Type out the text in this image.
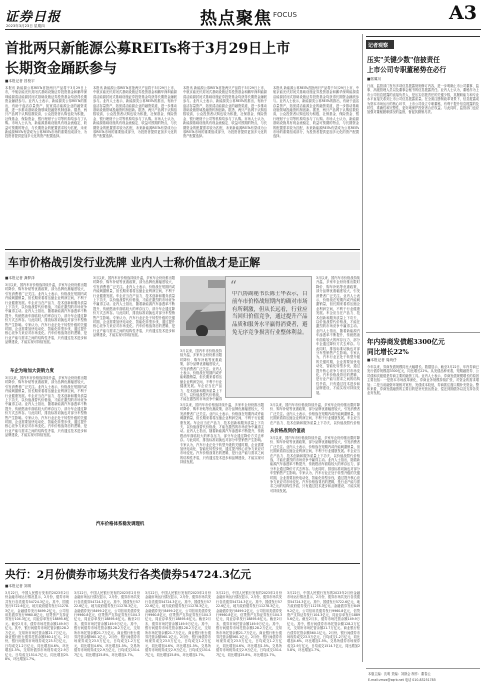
证券日报
2023年3月23日 星期四	热点聚焦 FOCUS	A3
首批两只新能源公募REITs将于3月29日上市
长期资金踊跃参与
■本报记者 昌校宇
本报讯 新能源公募REITs首批两只产品将于3月29日上市，中航京能光伏封闭式基础设施证券投资基金和鹏华深圳能源清洁能源封闭式基础设施证券投资基金均获得长期资金踊跃参与。业内人士表示，新能源类公募REITs的推出，有助于盘活存量资产，拓宽清洁能源企业的融资渠道，进一步推动基础设施领域投融资机制创新。据悉，两只产品网下认购倍数较高，公众投资者认购也较为积极，社保基金、保险资金、银行理财子公司等机构均参与了认购。市场人士认为，新能源基础设施具有现金流稳定、收益可预期的特点，与长期资金的配置需求较为匹配，未来新能源REITs有望成为公募REITs市场的重要组成部分，为投资者提供更加多元化的资产配置选择。
本报讯 新能源公募REITs首批两只产品将于3月29日上市，中航京能光伏封闭式基础设施证券投资基金和鹏华深圳能源清洁能源封闭式基础设施证券投资基金均获得长期资金踊跃参与。业内人士表示，新能源类公募REITs的推出，有助于盘活存量资产，拓宽清洁能源企业的融资渠道，进一步推动基础设施领域投融资机制创新。据悉，两只产品网下认购倍数较高，公众投资者认购也较为积极，社保基金、保险资金、银行理财子公司等机构均参与了认购。市场人士认为，新能源基础设施具有现金流稳定、收益可预期的特点，与长期资金的配置需求较为匹配，未来新能源REITs有望成为公募REITs市场的重要组成部分，为投资者提供更加多元化的资产配置选择。
本报讯 新能源公募REITs首批两只产品将于3月29日上市，中航京能光伏封闭式基础设施证券投资基金和鹏华深圳能源清洁能源封闭式基础设施证券投资基金均获得长期资金踊跃参与。业内人士表示，新能源类公募REITs的推出，有助于盘活存量资产，拓宽清洁能源企业的融资渠道，进一步推动基础设施领域投融资机制创新。据悉，两只产品网下认购倍数较高，公众投资者认购也较为积极，社保基金、保险资金、银行理财子公司等机构均参与了认购。市场人士认为，新能源基础设施具有现金流稳定、收益可预期的特点，与长期资金的配置需求较为匹配，未来新能源REITs有望成为公募REITs市场的重要组成部分，为投资者提供更加多元化的资产配置选择。
本报讯 新能源公募REITs首批两只产品将于3月29日上市，中航京能光伏封闭式基础设施证券投资基金和鹏华深圳能源清洁能源封闭式基础设施证券投资基金均获得长期资金踊跃参与。业内人士表示，新能源类公募REITs的推出，有助于盘活存量资产，拓宽清洁能源企业的融资渠道，进一步推动基础设施领域投融资机制创新。据悉，两只产品网下认购倍数较高，公众投资者认购也较为积极，社保基金、保险资金、银行理财子公司等机构均参与了认购。市场人士认为，新能源基础设施具有现金流稳定、收益可预期的特点，与长期资金的配置需求较为匹配，未来新能源REITs有望成为公募REITs市场的重要组成部分，为投资者提供更加多元化的资产配置选择。
车市价格战引发行业洗牌 业内人士称价值战才是正解
■本报记者 龚梦泽
3月以来，国内车市价格战持续升温，多家车企纷纷推出限时降价、购车补贴等优惠政策，部分品牌优惠幅度较大，引发消费者广泛关注。业内人士表示，价格战在短期内或许能刺激销量，但长期来看将压缩企业利润空间，不利于行业健康发展。车企应当在产品力、技术创新和服务质量上下功夫，以价值战替代价格战，才能在激烈的市场竞争中赢得主动。业内人士指出，随着新能源汽车渗透率不断提升，传统燃油车面临较大的库存压力，部分车企通过降价方式去库存。与此同时，排放标准切换也对部分车型销售产生影响。专家认为，汽车行业正处于转型升级的关键时期，企业需要加快电动化、智能化转型步伐，通过提升核心竞争力来应对市场变化。汽车价格战背后的逻辑，是行业产能与需求之间的结构性矛盾，只有通过技术进步和品牌建设，才能实现可持续发展。
车企为啥加大促销力度
3月以来，国内车市价格战持续升温，多家车企纷纷推出限时降价、购车补贴等优惠政策，部分品牌优惠幅度较大，引发消费者广泛关注。业内人士表示，价格战在短期内或许能刺激销量，但长期来看将压缩企业利润空间，不利于行业健康发展。车企应当在产品力、技术创新和服务质量上下功夫，以价值战替代价格战，才能在激烈的市场竞争中赢得主动。业内人士指出，随着新能源汽车渗透率不断提升，传统燃油车面临较大的库存压力，部分车企通过降价方式去库存。与此同时，排放标准切换也对部分车型销售产生影响。专家认为，汽车行业正处于转型升级的关键时期，企业需要加快电动化、智能化转型步伐，通过提升核心竞争力来应对市场变化。汽车价格战背后的逻辑，是行业产能与需求之间的结构性矛盾，只有通过技术进步和品牌建设，才能实现可持续发展。
3月以来，国内车市价格战持续升温，多家车企纷纷推出限时降价、购车补贴等优惠政策，部分品牌优惠幅度较大，引发消费者广泛关注。业内人士表示，价格战在短期内或许能刺激销量，但长期来看将压缩企业利润空间，不利于行业健康发展。车企应当在产品力、技术创新和服务质量上下功夫，以价值战替代价格战，才能在激烈的市场竞争中赢得主动。业内人士指出，随着新能源汽车渗透率不断提升，传统燃油车面临较大的库存压力，部分车企通过降价方式去库存。与此同时，排放标准切换也对部分车型销售产生影响。专家认为，汽车行业正处于转型升级的关键时期，企业需要加快电动化、智能化转型步伐，通过提升核心竞争力来应对市场变化。汽车价格战背后的逻辑，是行业产能与需求之间的结构性矛盾，只有通过技术进步和品牌建设，才能实现可持续发展。
3月以来，国内车市价格战持续升温，多家车企纷纷推出限时降价、购车补贴等优惠政策，部分品牌优惠幅度较大，引发消费者广泛关注。业内人士表示，价格战在短期内或许能刺激销量，但长期来看将压缩企业利润空间，不利于行业健康发展。车企应当在产品力、技术创新和服务质量上下功夫，以价值战替代价格战，才能在激烈的市场竞争中赢得
“
中汽协副秘书长陈士华表示，目前车市价格战短期内的确对市场有所刺激，但从长远看，行业应当回归价值竞争，通过提升产品品质和服务水平赢得消费者，避免无序竞争损害行业整体利益。
3月以来，国内车市价格战持续升温，多家车企纷纷推出限时降价、购车补贴等优惠政策，部分品牌优惠幅度较大，引发消费者广泛关注。业内人士表示，价格战在短期内或许能刺激销量，但长期来看将压缩企业利润空间，不利于行业健康发展。车企应当在产品力、技术创新和服务质量上下功夫，以价值战替代价格战，才能在激烈的市场竞争中赢得主动。业内人士指出，随着新能源汽车渗透率不断提升，传统燃油车面临较大的库存压力，部分车企通过降价方式去库存。与此同时，排放标准切换也对部分车型销售产生影响。专家认为，汽车行业正处于转型升级的关键时期，企业需要加快电动化、智能化转型步伐，通过提升核心竞争力来应对市场变化。汽车价格战背后的逻辑，是行业产能与需求之间的结构性矛盾，只有通过技术进步和品牌建设，才能实现可持续发展。
3月以来，国内车市价格战持续升温，多家车企纷纷推出限时降价、购车补贴等优惠政策，部分品牌优惠幅度较大，引发消费者广泛关注。业内人士表示，价格战在短期内或许能刺激销量，但长期来看将压缩企业利润空间，不利于行业健康发展。车企应当在产品力、技术创新和服务质量上下功夫，以价值战替代价格战，才能在激烈的市场竞争中赢得主动。业内人士指出，随着新能源汽车渗透率不断提升，传统燃油车面临较大的库存压力，部分车企通过降价方式去库存。与此同时，排放标准切换也对部分车型销售产生影响。专家认为，汽车行业正处于转型升级的关键时期，企业需要加快电动化、智能化转型步伐，通过提升核心竞争力来应对市场变化。汽车价格战背后的逻辑，是行业产能与需求之间的结构性矛盾，只有通过技术进步和品牌建设，才能实现可持续发展。
汽车价格体系稳发调理机
从价格战到价值战
3月以来，国内车市价格战持续升温，多家车企纷纷推出限时降价、购车补贴等优惠政策，部分品牌优惠幅度较大，引发消费者广泛关注。业内人士表示，价格战在短期内或许能刺激销量，但长期来看将压缩企业利润空间，不利于行业健康发展。车企应当在产品力、技术创新和服务质量上下功夫，以价值战替代价格
3月以来，国内车市价格战持续升温，多家车企纷纷推出限时降价、购车补贴等优惠政策，部分品牌优惠幅度较大，引发消费者广泛关注。业内人士表示，价格战在短期内或许能刺激销量，但长期来看将压缩企业利润空间，不利于行业健康发展。车企应当在产品力、技术创新和服务质量上下功夫，以价值战替代价格战，才能在激烈的市场竞争中赢得主动。业内人士指出，随着新能源汽车渗透率不断提升，传统燃油车面临较大的库存压力，部分车企通过降价方式去库存。与此同时，排放标准切换也对部分车型销售产生影响。专家认为，汽车行业正处于转型升级的关键时期，企业需要加快电动化、智能化转型步伐，通过提升核心竞争力来应对市场变化。汽车价格战背后的逻辑，是行业产能与需求之间的结构性矛盾，只有通过技术进步和品牌建设，才能实现可持续发展。
央行：2月份债券市场共发行各类债券54724.3亿元
■本报记者 刘琪
3月22日，中国人民银行发布的2023年2月份金融市场运行情况显示，2月份，债券市场共发行各类债券54724.3亿元。其中，国债发行5722.6亿元，地方政府债券发行11278.3亿元，金融债券发行8499.2亿元，公司信用类债券发行9960.8亿元，信贷资产支持证券发行104.3亿元，同业存单发行18895.6亿元。截至2月末，债券市场托管余额149.9万亿元。其中，银行间债券市场托管余额128.2万亿元，交易所市场托管余额21.7万亿元。商业银行柜台债券托管余额560.1亿元。2月份，银行间债券市场现券成交23.5万亿元，日均成交1.2万亿元，同比增加4.6%，环比增加1.5%。交易所债券市场现券成交2.9万亿元，日均成交1514.7亿元，同比增加25.8%，环比增加1.7%。
3月22日，中国人民银行发布的2023年2月份金融市场运行情况显示，2月份，债券市场共发行各类债券54724.3亿元。其中，国债发行5722.6亿元，地方政府债券发行11278.3亿元，金融债券发行8499.2亿元，公司信用类债券发行9960.8亿元，信贷资产支持证券发行104.3亿元，同业存单发行18895.6亿元。截至2月末，债券市场托管余额149.9万亿元。其中，银行间债券市场托管余额128.2万亿元，交易所市场托管余额21.7万亿元。商业银行柜台债券托管余额560.1亿元。2月份，银行间债券市场现券成交23.5万亿元，日均成交1.2万亿元，同比增加4.6%，环比增加1.5%。交易所债券市场现券成交2.9万亿元，日均成交1514.7亿元，同比增加25.8%，环比增加1.7%。
3月22日，中国人民银行发布的2023年2月份金融市场运行情况显示，2月份，债券市场共发行各类债券54724.3亿元。其中，国债发行5722.6亿元，地方政府债券发行11278.3亿元，金融债券发行8499.2亿元，公司信用类债券发行9960.8亿元，信贷资产支持证券发行104.3亿元，同业存单发行18895.6亿元。截至2月末，债券市场托管余额149.9万亿元。其中，银行间债券市场托管余额128.2万亿元，交易所市场托管余额21.7万亿元。商业银行柜台债券托管余额560.1亿元。2月份，银行间债券市场现券成交23.5万亿元，日均成交1.2万亿元，同比增加4.6%，环比增加1.5%。交易所债券市场现券成交2.9万亿元，日均成交1514.7亿元，同比增加25.8%，环比增加1.7%。
3月22日，中国人民银行发布的2023年2月份金融市场运行情况显示，2月份，债券市场共发行各类债券54724.3亿元。其中，国债发行5722.6亿元，地方政府债券发行11278.3亿元，金融债券发行8499.2亿元，公司信用类债券发行9960.8亿元，信贷资产支持证券发行104.3亿元，同业存单发行18895.6亿元。截至2月末，债券市场托管余额149.9万亿元。其中，银行间债券市场托管余额128.2万亿元，交易所市场托管余额21.7万亿元。商业银行柜台债券托管余额560.1亿元。2月份，银行间债券市场现券成交23.5万亿元，日均成交1.2万亿元，同比增加4.6%，环比增加1.5%。交易所债券市场现券成交2.9万亿元，日均成交1514.7亿元，同比增加25.8%，环比增加1.7%。
3月22日，中国人民银行发布的2023年2月份金融市场运行情况显示，2月份，债券市场共发行各类债券54724.3亿元。其中，国债发行5722.6亿元，地方政府债券发行11278.3亿元，金融债券发行8499.2亿元，公司信用类债券发行9960.8亿元，信贷资产支持证券发行104.3亿元，同业存单发行18895.6亿元。截至2月末，债券市场托管余额149.9万亿元。其中，银行间债券市场托管余额128.2万亿元，交易所市场托管余额21.7万亿元。商业银行柜台债券托管余额560.1亿元。2月份，银行间债券市场现券成交23.5万亿元，日均成交1.2万亿元，同比增加4.6%，环比增加1.5%。交易所债券市场现券成交2.9万亿元，日均成交1514.7亿元，同比增加25.8%，环比增加1.7%。
记者观察
压实"关键少数"信披责任
上市公司专职董秘势在必行
■郭冀川
日前，监管部门发布多项信息披露规则修订内容，进一步明确上市公司董事、监事、高级管理人员以及董事会秘书的信息披露责任。业内人士认为，董秘作为上市公司信息披露的直接负责人，是压实信披责任的关键少数，其履职能力和专业水平直接关系到上市公司信息披露质量。在全面注册制改革背景下，信息披露成为资本市场运行的核心环节，上市公司设立专职董秘，有利于提升信息披露的及时性、准确性和完整性，更好地保护投资者合法权益。与此同时，监管部门也应加强对董秘履职情况的监督，督促其勤勉尽责。
年内券商发债超3300亿元
同比增长22%
■本报记者 周尚伃
今年以来，券商发债规模同比大幅增长。数据显示，截至3月22日，年内券商已发行债券规模超3300亿元，同比增长22%。从发债品种来看，短期融资券、公司债和次级债是券商主要的融资工具。业内人士表示，券商发债规模增长的原因主要包括：一是资本市场改革深化，券商业务规模持续扩张，对资金的需求增加；二是当前融资环境相对宽松，发债成本较低，券商抓住窗口期补充资金。整体来看，券商发债融资的主要目的是补充营运资金、偿还到期债务以及支持各类业务发展。
本版主编：沈明 责编：刘斯会 制作：董春云
E-mail:zmzx@zqrb.net 电话 010-83251785
